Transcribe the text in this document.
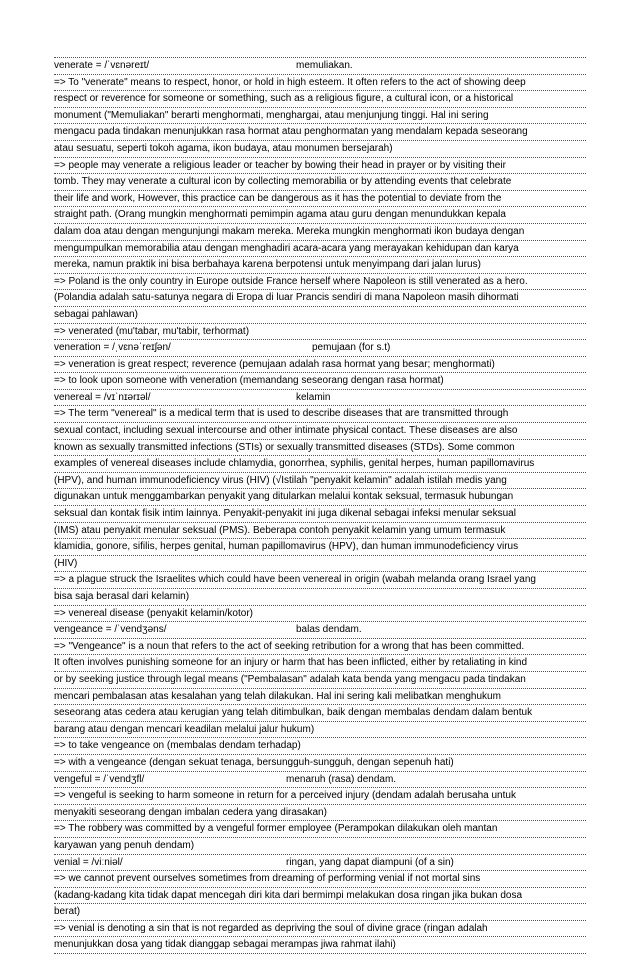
venerate = /ˈvɛnəreɪt/	memuliakan.
=> To "venerate" means to respect, honor, or hold in high esteem. It often refers to the act of showing deep
respect or reverence for someone or something, such as a religious figure, a cultural icon, or a historical
monument ("Memuliakan" berarti menghormati, menghargai, atau menjunjung tinggi. Hal ini sering
mengacu pada tindakan menunjukkan rasa hormat atau penghormatan yang mendalam kepada seseorang
atau sesuatu, seperti tokoh agama, ikon budaya, atau monumen bersejarah)
=> people may venerate a religious leader or teacher by bowing their head in prayer or by visiting their
tomb. They may venerate a cultural icon by collecting memorabilia or by attending events that celebrate
their life and work, However, this practice can be dangerous as it has the potential to deviate from the
straight path. (Orang mungkin menghormati pemimpin agama atau guru dengan menundukkan kepala
dalam doa atau dengan mengunjungi makam mereka. Mereka mungkin menghormati ikon budaya dengan
mengumpulkan memorabilia atau dengan menghadiri acara-acara yang merayakan kehidupan dan karya
mereka, namun praktik ini bisa berbahaya karena berpotensi untuk menyimpang dari jalan lurus)
=> Poland is the only country in Europe outside France herself where Napoleon is still venerated as a hero.
(Polandia adalah satu-satunya negara di Eropa di luar Prancis sendiri di mana Napoleon masih dihormati
sebagai pahlawan)
=> venerated (mu'tabar, mu'tabir, terhormat)
veneration = /ˌvɛnəˈreɪʃən/	pemujaan (for s.t)
=> veneration is great respect; reverence (pemujaan adalah rasa hormat yang besar; menghormati)
=> to look upon someone with veneration (memandang seseorang dengan rasa hormat)
venereal = /vɪˈnɪərɪəl/	kelamin
=> The term "venereal" is a medical term that is used to describe diseases that are transmitted through
sexual contact, including sexual intercourse and other intimate physical contact. These diseases are also
known as sexually transmitted infections (STIs) or sexually transmitted diseases (STDs). Some common
examples of venereal diseases include chlamydia, gonorrhea, syphilis, genital herpes, human papillomavirus
(HPV), and human immunodeficiency virus (HIV) (√Istilah "penyakit kelamin" adalah istilah medis yang
digunakan untuk menggambarkan penyakit yang ditularkan melalui kontak seksual, termasuk hubungan
seksual dan kontak fisik intim lainnya. Penyakit-penyakit ini juga dikenal sebagai infeksi menular seksual
(IMS) atau penyakit menular seksual (PMS). Beberapa contoh penyakit kelamin yang umum termasuk
klamidia, gonore, sifilis, herpes genital, human papillomavirus (HPV), dan human immunodeficiency virus
(HIV)
=> a plague struck the Israelites which could have been venereal in origin (wabah melanda orang Israel yang
bisa saja berasal dari kelamin)
=> venereal disease (penyakit kelamin/kotor)
vengeance = /ˈvendʒəns/	balas dendam.
=> "Vengeance" is a noun that refers to the act of seeking retribution for a wrong that has been committed.
It often involves punishing someone for an injury or harm that has been inflicted, either by retaliating in kind
or by seeking justice through legal means ("Pembalasan" adalah kata benda yang mengacu pada tindakan
mencari pembalasan atas kesalahan yang telah dilakukan. Hal ini sering kali melibatkan menghukum
seseorang atas cedera atau kerugian yang telah ditimbulkan, baik dengan membalas dendam dalam bentuk
barang atau dengan mencari keadilan melalui jalur hukum)
=> to take vengeance on (membalas dendam terhadap)
=> with a vengeance (dengan sekuat tenaga, bersungguh-sungguh, dengan sepenuh hati)
vengeful = /ˈvendʒfl/	menaruh (rasa) dendam.
=> vengeful is seeking to harm someone in return for a perceived injury (dendam adalah berusaha untuk
menyakiti seseorang dengan imbalan cedera yang dirasakan)
=> The robbery was committed by a vengeful former employee (Perampokan dilakukan oleh mantan
karyawan yang penuh dendam)
venial = /viːniəl/	ringan, yang dapat diampuni (of a sin)
=> we cannot prevent ourselves sometimes from dreaming of performing venial if not mortal sins
(kadang-kadang kita tidak dapat mencegah diri kita dari bermimpi melakukan dosa ringan jika bukan dosa
berat)
=> venial is denoting a sin that is not regarded as depriving the soul of divine grace (ringan adalah
menunjukkan dosa yang tidak dianggap sebagai merampas jiwa rahmat ilahi)
